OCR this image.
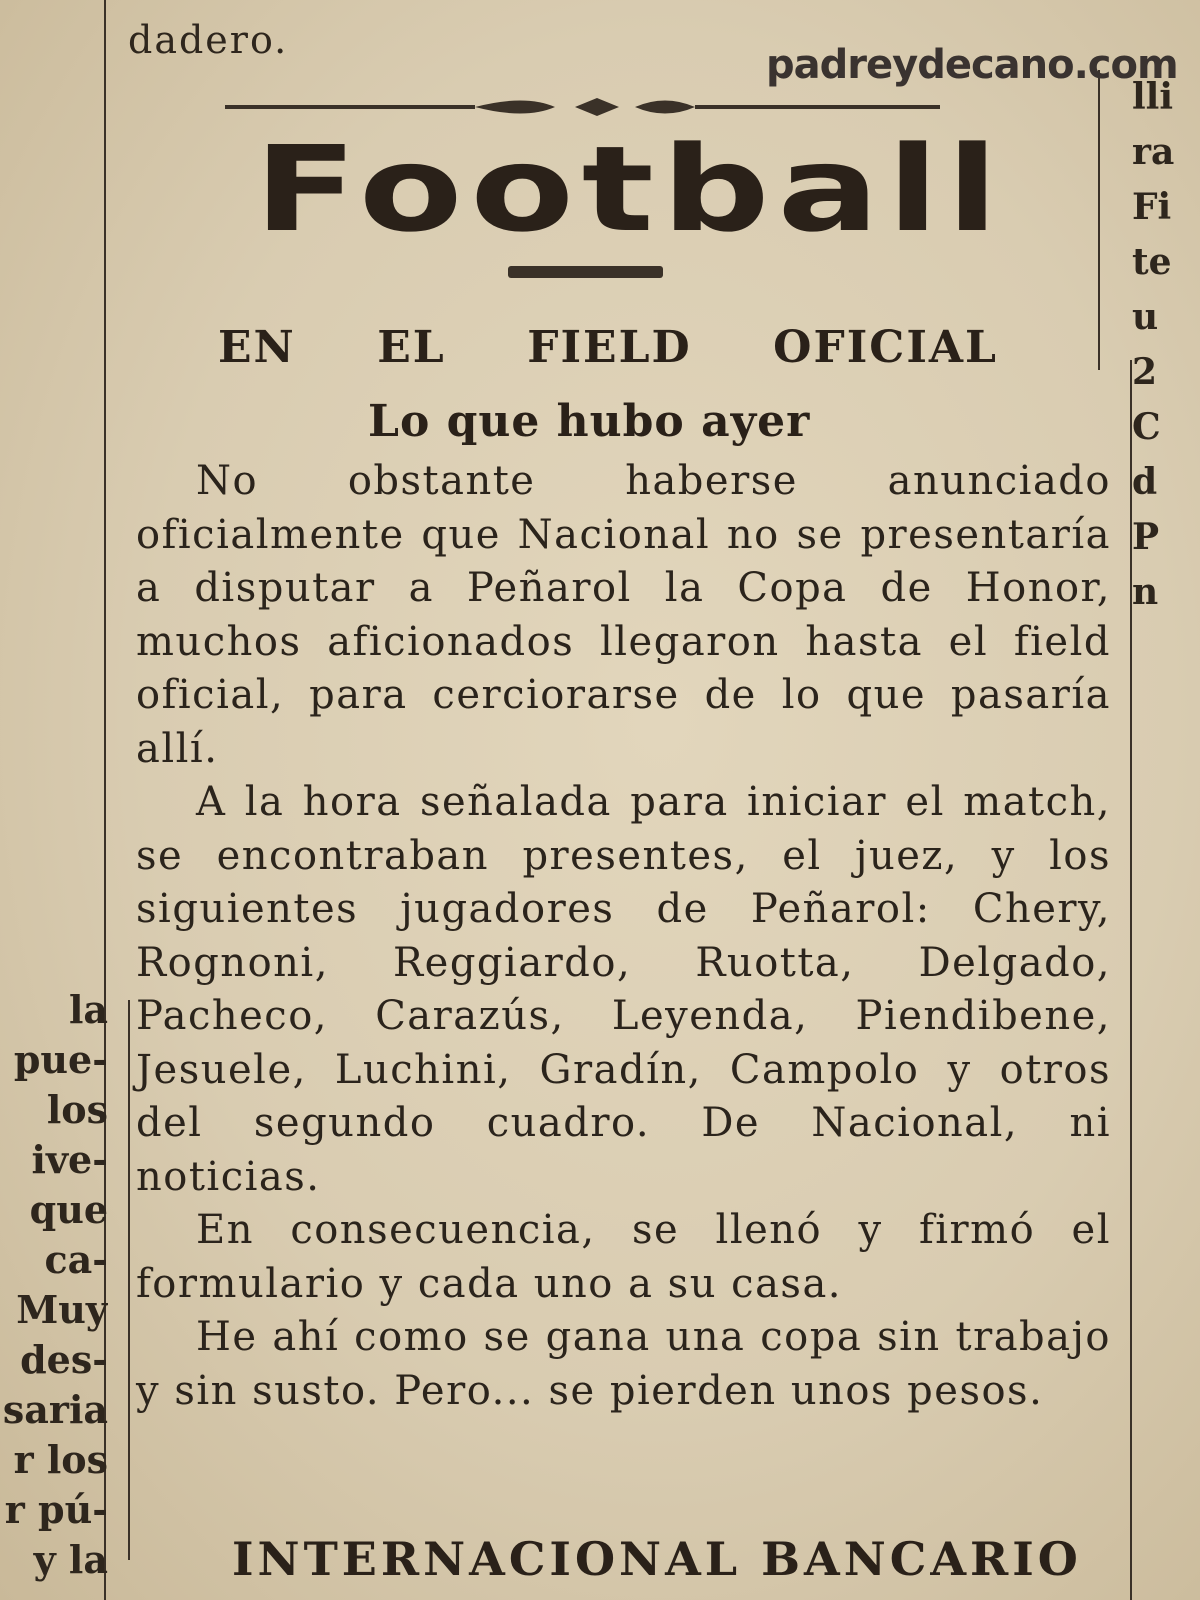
dadero.
padreydecano.com
Football
EN EL FIELD OFICIAL
Lo que hubo ayer

No obstante haberse anunciado oficialmente que Nacional no se presentaría a disputar a Peñarol la Copa de Honor, muchos aficionados llegaron hasta el field oficial, para cerciorarse de lo que pasaría allí.

A la hora señalada para iniciar el match, se encontraban presentes, el juez, y los siguientes jugadores de Peñarol: Chery, Rognoni, Reggiardo, Ruotta, Delgado, Pacheco, Carazús, Leyenda, Piendibene, Jesuele, Luchini, Gradín, Campolo y otros del segundo cuadro. De Nacional, ni noticias.

En consecuencia, se llenó y firmó el formulario y cada uno a su casa.

He ahí como se gana una copa sin trabajo y sin susto. Pero... se pierden unos pesos.

INTERNACIONAL BANCARIO
la
pue-
los
ive-
que
ca-
Muy
des-
saria
r los
r pú-
y la
lli
ra
Fi
te
u
2
C
d
P
n
